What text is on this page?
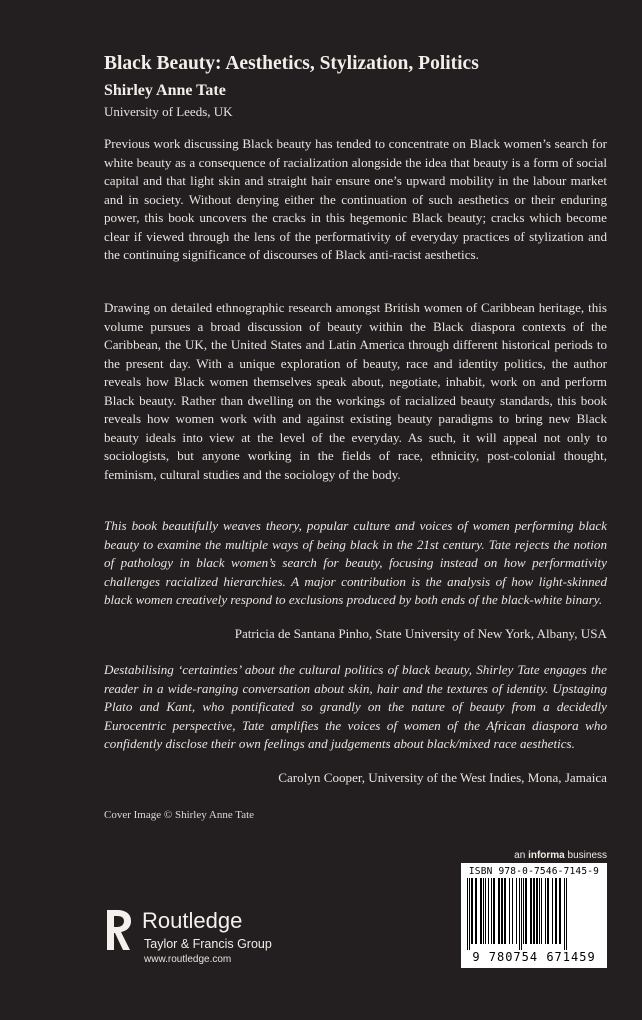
Black Beauty: Aesthetics, Stylization, Politics
Shirley Anne Tate
University of Leeds, UK

Previous work discussing Black beauty has tended to concentrate on Black women’s search for white beauty as a consequence of racialization alongside the idea that beauty is a form of social capital and that light skin and straight hair ensure one’s upward mobility in the labour market and in society. Without denying either the continuation of such aesthetics or their enduring power, this book uncovers the cracks in this hegemonic Black beauty; cracks which become clear if viewed through the lens of the performativity of everyday practices of stylization and the continuing significance of discourses of Black anti-racist aesthetics.

Drawing on detailed ethnographic research amongst British women of Caribbean heritage, this volume pursues a broad discussion of beauty within the Black diaspora contexts of the Caribbean, the UK, the United States and Latin America through different historical periods to the present day. With a unique exploration of beauty, race and identity politics, the author reveals how Black women themselves speak about, negotiate, inhabit, work on and perform Black beauty. Rather than dwelling on the workings of racialized beauty standards, this book reveals how women work with and against existing beauty paradigms to bring new Black beauty ideals into view at the level of the everyday. As such, it will appeal not only to sociologists, but anyone working in the fields of race, ethnicity, post-colonial thought, feminism, cultural studies and the sociology of the body.

This book beautifully weaves theory, popular culture and voices of women performing black beauty to examine the multiple ways of being black in the 21st century. Tate rejects the notion of pathology in black women’s search for beauty, focusing instead on how performativity challenges racialized hierarchies. A major contribution is the analysis of how light-skinned black women creatively respond to exclusions produced by both ends of the black-white binary.

Patricia de Santana Pinho, State University of New York, Albany, USA

Destabilising ‘certainties’ about the cultural politics of black beauty, Shirley Tate engages the reader in a wide-ranging conversation about skin, hair and the textures of identity. Upstaging Plato and Kant, who pontificated so grandly on the nature of beauty from a decidedly Eurocentric perspective, Tate amplifies the voices of women of the African diaspora who confidently disclose their own feelings and judgements about black/mixed race aesthetics.

Carolyn Cooper, University of the West Indies, Mona, Jamaica
Cover Image © Shirley Anne Tate
an informa business
Routledge
Taylor & Francis Group
www.routledge.com
ISBN 978-0-7546-7145-9
9 780754 671459
